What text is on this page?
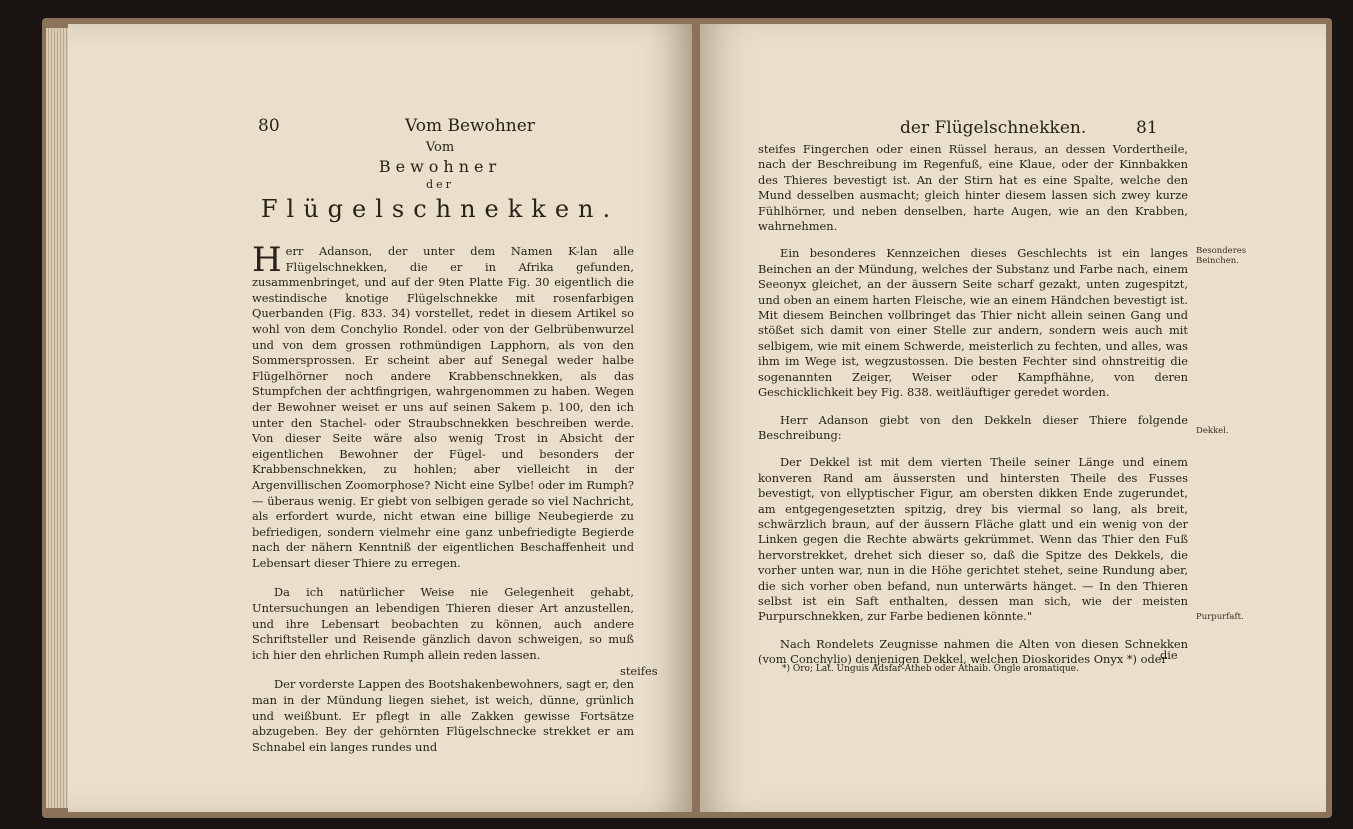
80	Vom Bewohner
Vom
Bewohner
der
Flügelschnekken.

Herr Adanson, der unter dem Namen K-lan alle Flügelschnekken, die er in Afrika gefunden, zusammenbringet, und auf der 9ten Platte Fig. 30 eigentlich die westindische knotige Flügelschnekke mit rosenfarbigen Querbanden (Fig. 833. 34) vorstellet, redet in diesem Artikel so wohl von dem Conchylio Rondel. oder von der Gelbrübenwurzel und von dem grossen rothmündigen Lapphorn, als von den Sommersprossen. Er scheint aber auf Senegal weder halbe Flügelhörner noch andere Krabbenschnekken, als das Stumpfchen der achtfingrigen, wahrgenommen zu haben. Wegen der Bewohner weiset er uns auf seinen Sakem p. 100, den ich unter den Stachel- oder Straubschnekken beschreiben werde. Von dieser Seite wäre also wenig Trost in Absicht der eigentlichen Bewohner der Fügel- und besonders der Krabbenschnekken, zu hohlen; aber vielleicht in der Argenvillischen Zoomorphose? Nicht eine Sylbe! oder im Rumph? — überaus wenig. Er giebt von selbigen gerade so viel Nachricht, als erfordert wurde, nicht etwan eine billige Neubegierde zu befriedigen, sondern vielmehr eine ganz unbefriedigte Begierde nach der nähern Kenntniß der eigentlichen Beschaffenheit und Lebensart dieser Thiere zu erregen.

Da ich natürlicher Weise nie Gelegenheit gehabt, Untersuchungen an lebendigen Thieren dieser Art anzustellen, und ihre Lebensart beobachten zu können, auch andere Schriftsteller und Reisende gänzlich davon schweigen, so muß ich hier den ehrlichen Rumph allein reden lassen.

Der vorderste Lappen des Bootshakenbewohners, sagt er, den man in der Mündung liegen siehet, ist weich, dünne, grünlich und weißbunt. Er pflegt in alle Zakken gewisse Fortsätze abzugeben. Bey der gehörnten Flügelschnecke strekket er am Schnabel ein langes rundes und

steifes
der Flügelschnekken.	81

steifes Fingerchen oder einen Rüssel heraus, an dessen Vordertheile, nach der Beschreibung im Regenfuß, eine Klaue, oder der Kinnbakken des Thieres bevestigt ist. An der Stirn hat es eine Spalte, welche den Mund desselben ausmacht; gleich hinter diesem lassen sich zwey kurze Fühlhörner, und neben denselben, harte Augen, wie an den Krabben, wahrnehmen.

Ein besonderes Kennzeichen dieses Geschlechts ist ein langes Beinchen an der Mündung, welches der Substanz und Farbe nach, einem Seeonyx gleichet, an der äussern Seite scharf gezakt, unten zugespitzt, und oben an einem harten Fleische, wie an einem Händchen bevestigt ist. Mit diesem Beinchen vollbringet das Thier nicht allein seinen Gang und stößet sich damit von einer Stelle zur andern, sondern weis auch mit selbigem, wie mit einem Schwerde, meisterlich zu fechten, und alles, was ihm im Wege ist, wegzustossen. Die besten Fechter sind ohnstreitig die sogenannten Zeiger, Weiser oder Kampfhähne, von deren Geschicklichkeit bey Fig. 838. weitläuftiger geredet worden.

Herr Adanson giebt von den Dekkeln dieser Thiere folgende Beschreibung:

Der Dekkel ist mit dem vierten Theile seiner Länge und einem konveren Rand am äussersten und hintersten Theile des Fusses bevestigt, von ellyptischer Figur, am obersten dikken Ende zugerundet, am entgegengesetzten spitzig, drey bis viermal so lang, als breit, schwärzlich braun, auf der äussern Fläche glatt und ein wenig von der Linken gegen die Rechte abwärts gekrümmet. Wenn das Thier den Fuß hervorstrekket, drehet sich dieser so, daß die Spitze des Dekkels, die vorher unten war, nun in die Höhe gerichtet stehet, seine Rundung aber, die sich vorher oben befand, nun unterwärts hänget. — In den Thieren selbst ist ein Saft enthalten, dessen man sich, wie der meisten Purpurschnekken, zur Farbe bedienen könnte."

Nach Rondelets Zeugnisse nahmen die Alten von diesen Schnekken (vom Conchylio) denjenigen Dekkel, welchen Dioskorides Onyx *) oder

Besonderes Beinchen.
Dekkel.
Purpurfaft.
die
*) Oro; Lat. Unguis Adsfar-Atheb oder Athaib. Ongle aromatique.
